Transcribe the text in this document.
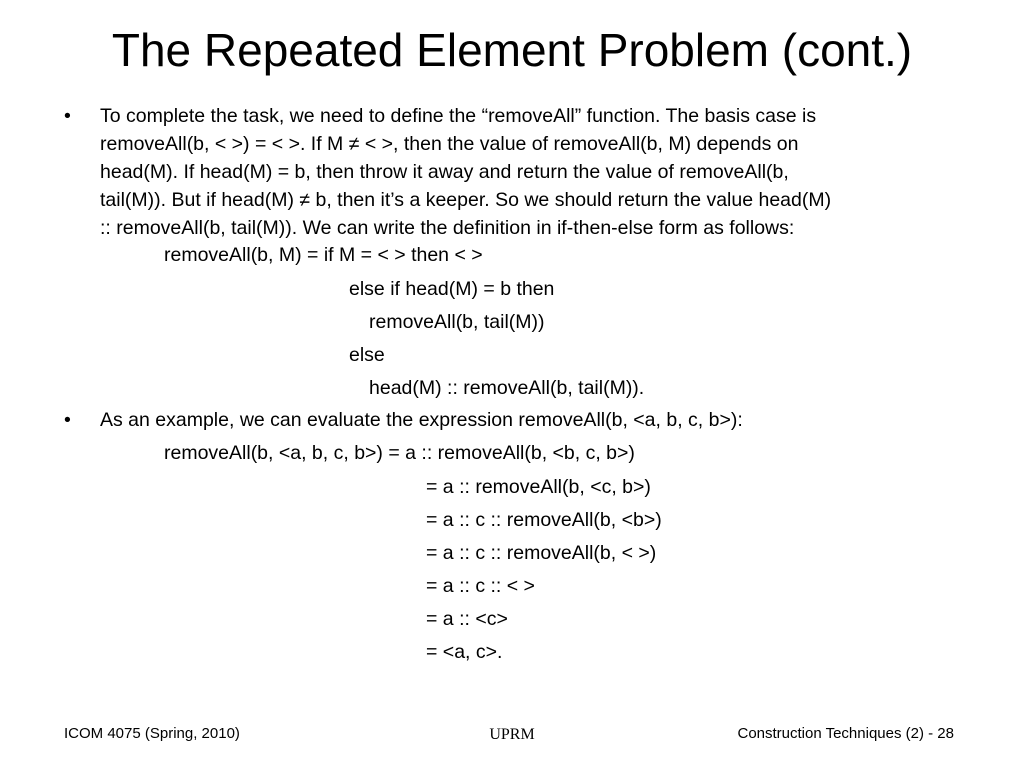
The Repeated Element Problem (cont.)
• To complete the task, we need to define the “removeAll” function. The basis case is
removeAll(b, < >) = < >. If M ≠ < >, then the value of removeAll(b, M) depends on
head(M). If head(M) = b, then throw it away and return the value of removeAll(b,
tail(M)). But if head(M) ≠ b, then it’s a keeper. So we should return the value head(M)
:: removeAll(b, tail(M)). We can write the definition in if-then-else form as follows:
removeAll(b, M) = if M = < > then < >
else if head(M) = b then
removeAll(b, tail(M))
else
head(M) :: removeAll(b, tail(M)).
• As an example, we can evaluate the expression removeAll(b, <a, b, c, b>):
removeAll(b, <a, b, c, b>) = a :: removeAll(b, <b, c, b>)
= a :: removeAll(b, <c, b>)
= a :: c :: removeAll(b, <b>)
= a :: c :: removeAll(b, < >)
= a :: c :: < >
= a :: <c>
= <a, c>.
ICOM 4075 (Spring, 2010)	UPRM	Construction Techniques (2) - 28
